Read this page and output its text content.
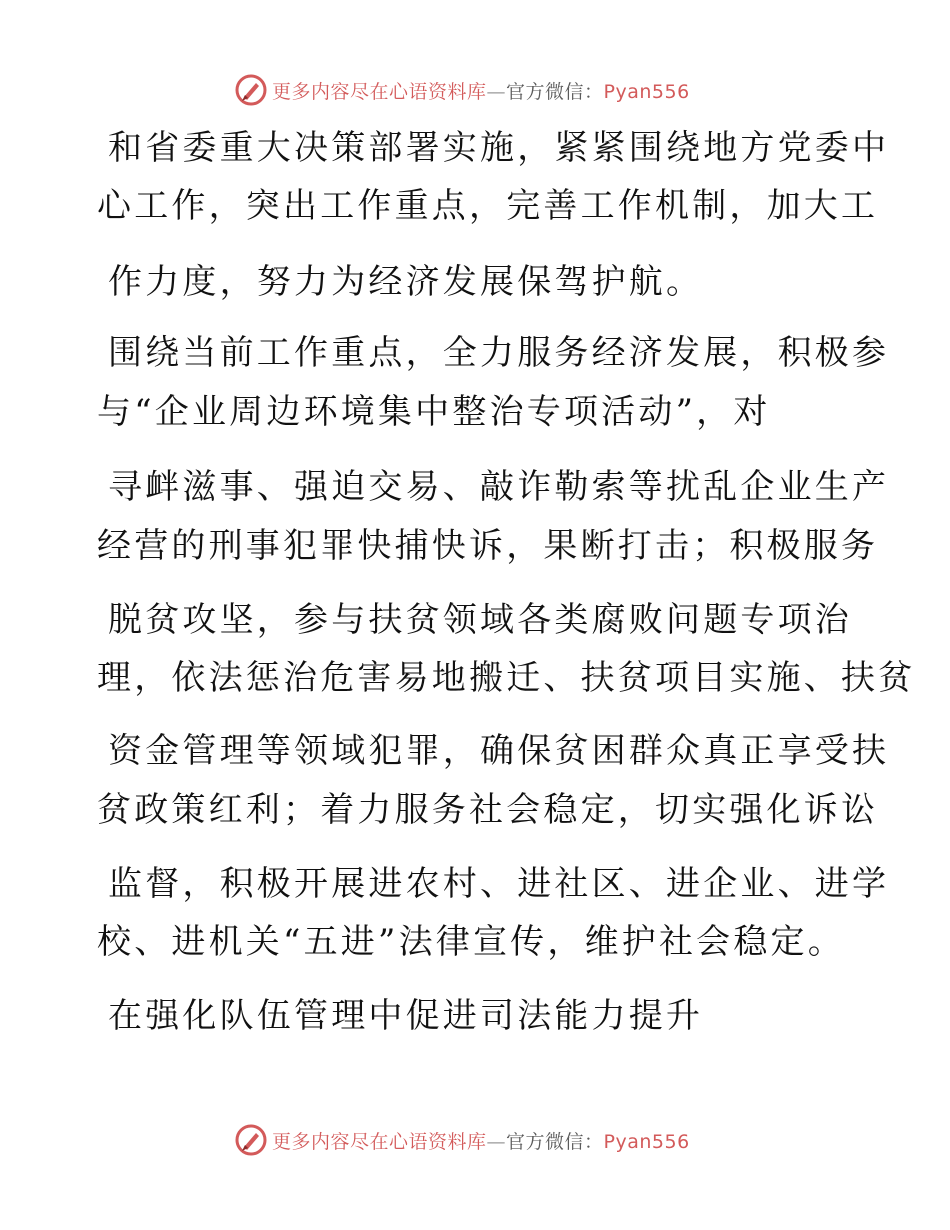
更多内容尽在心语资料库—官方微信：Pyan556
和省委重大决策部署实施，紧紧围绕地方党委中
心工作，突出工作重点，完善工作机制，加大工
作力度，努力为经济发展保驾护航。
围绕当前工作重点，全力服务经济发展，积极参
与“企业周边环境集中整治专项活动”，对
寻衅滋事、强迫交易、敲诈勒索等扰乱企业生产
经营的刑事犯罪快捕快诉，果断打击；积极服务
脱贫攻坚，参与扶贫领域各类腐败问题专项治
理，依法惩治危害易地搬迁、扶贫项目实施、扶贫
资金管理等领域犯罪，确保贫困群众真正享受扶
贫政策红利；着力服务社会稳定，切实强化诉讼
监督，积极开展进农村、进社区、进企业、进学
校、进机关“五进”法律宣传，维护社会稳定。
在强化队伍管理中促进司法能力提升
更多内容尽在心语资料库—官方微信：Pyan556
